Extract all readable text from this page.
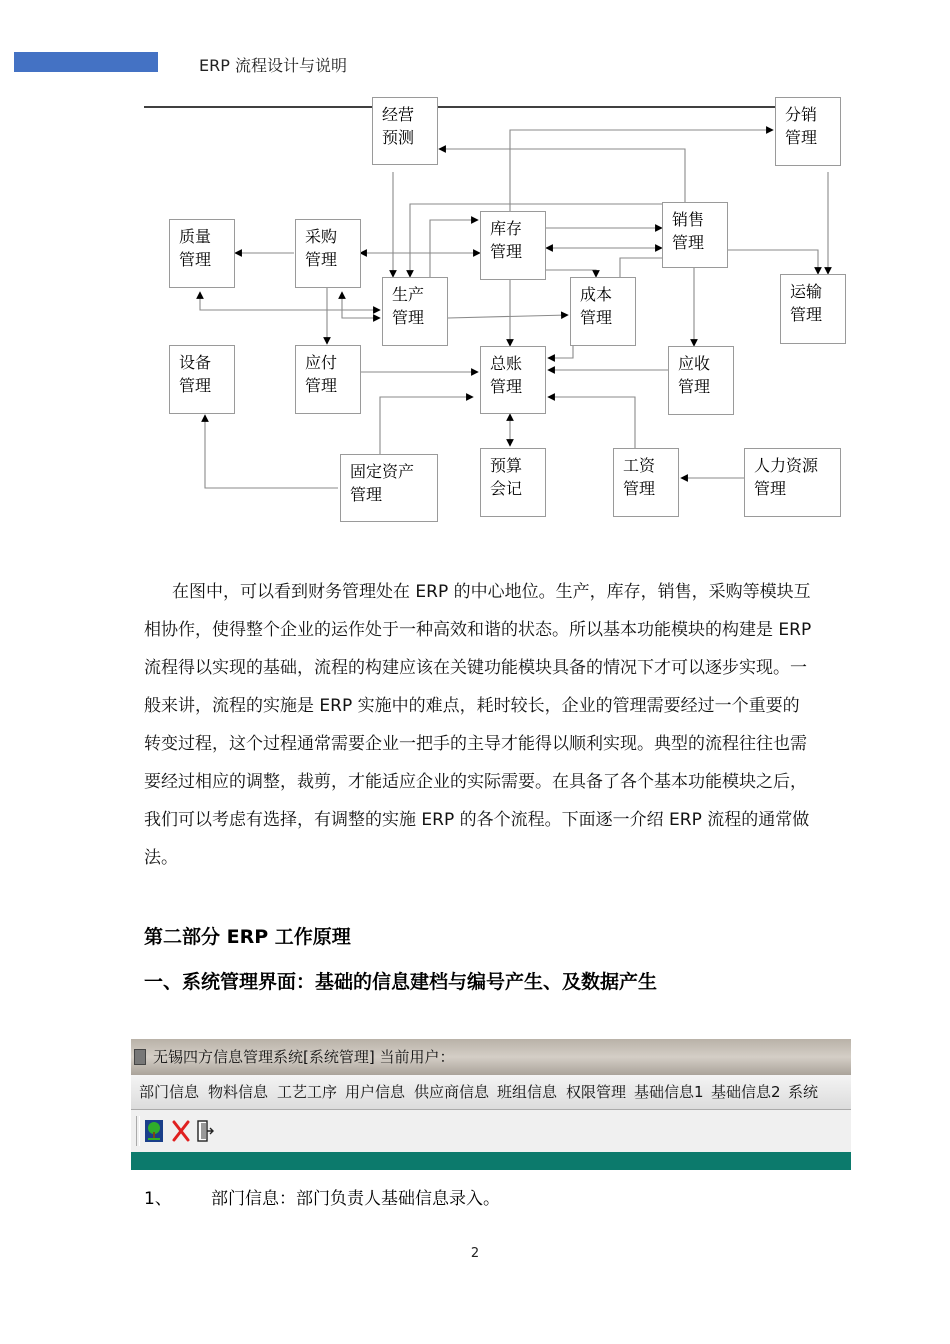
ERP 流程设计与说明
经营
预测
分销
管理
质量
管理
采购
管理
库存
管理
销售
管理
生产
管理
成本
管理
运输
管理
设备
管理
应付
管理
总账
管理
应收
管理
固定资产
管理
预算
会记
工资
管理
人力资源
管理
在图中，可以看到财务管理处在 ERP 的中心地位。生产，库存，销售，采购等模块互相协作，使得整个企业的运作处于一种高效和谐的状态。所以基本功能模块的构建是 ERP 流程得以实现的基础，流程的构建应该在关键功能模块具备的情况下才可以逐步实现。一般来讲，流程的实施是 ERP 实施中的难点，耗时较长，企业的管理需要经过一个重要的转变过程，这个过程通常需要企业一把手的主导才能得以顺利实现。典型的流程往往也需要经过相应的调整，裁剪，才能适应企业的实际需要。在具备了各个基本功能模块之后，我们可以考虑有选择，有调整的实施 ERP 的各个流程。下面逐一介绍 ERP 流程的通常做法。
第二部分 ERP 工作原理
一、系统管理界面：基础的信息建档与编号产生、及数据产生
无锡四方信息管理系统[系统管理] 当前用户：
部门信息 物料信息 工艺工序 用户信息 供应商信息 班组信息 权限管理 基础信息1 基础信息2 系统
1、 部门信息：部门负责人基础信息录入。
2
